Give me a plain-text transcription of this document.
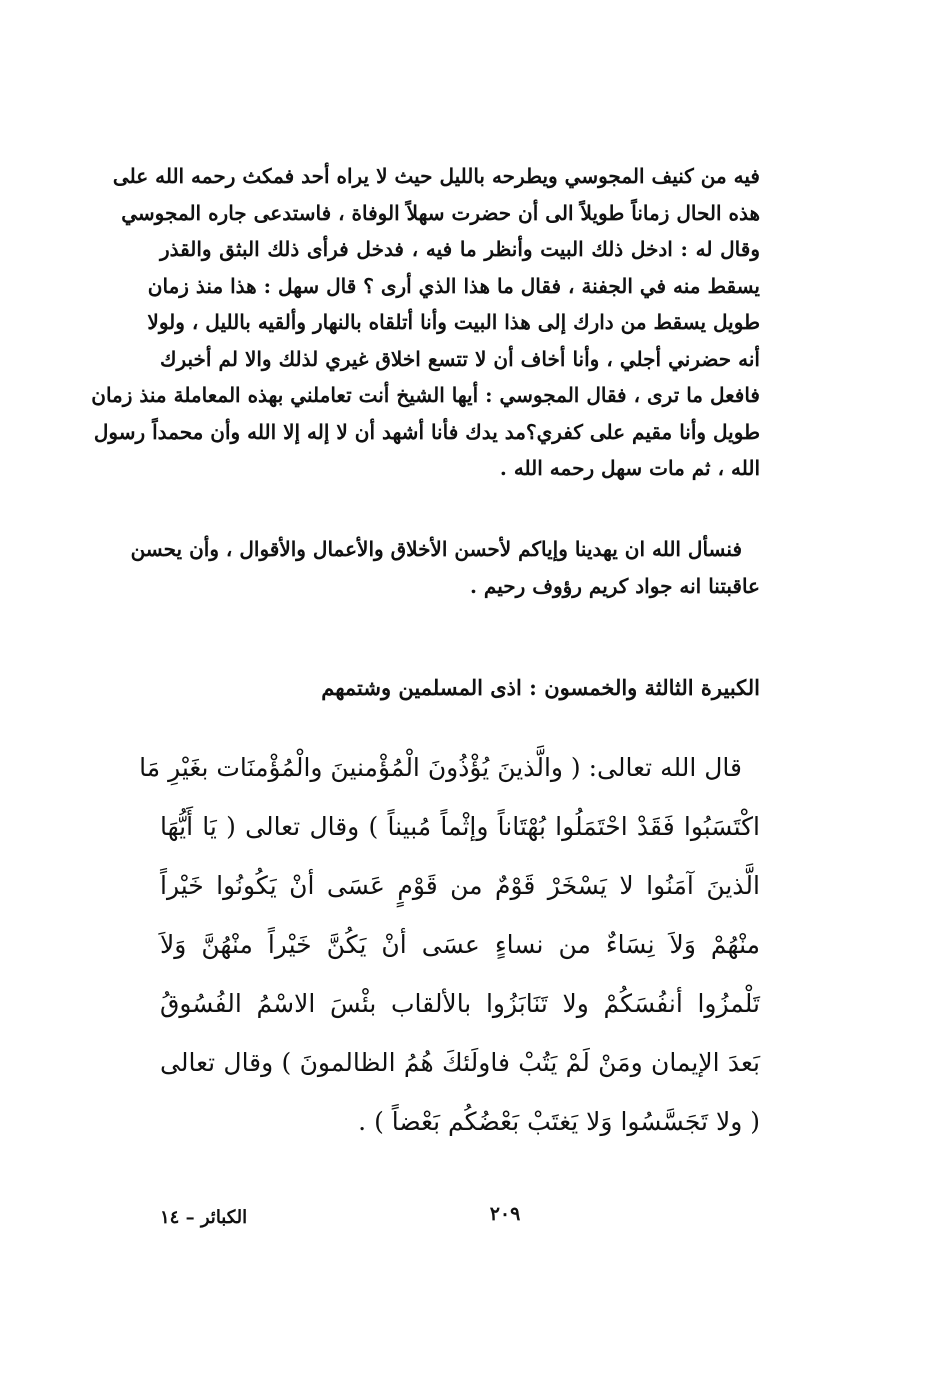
فيه من كنيف المجوسي ويطرحه بالليل حيث لا يراه أحد فمكث رحمه الله على
هذه الحال زماناً طويلاً الى أن حضرت سهلاً الوفاة ، فاستدعى جاره المجوسي
وقال له : ادخل ذلك البيت وأنظر ما فيه ، فدخل فرأى ذلك البثق والقذر
يسقط منه في الجفنة ، فقال ما هذا الذي أرى ؟ قال سهل : هذا منذ زمان
طويل يسقط من دارك إلى هذا البيت وأنا أتلقاه بالنهار وألقيه بالليل ، ولولا
أنه حضرني أجلي ، وأنا أخاف أن لا تتسع اخلاق غيري لذلك والا لم أخبرك
فافعل ما ترى ، فقال المجوسي : أيها الشيخ أنت تعاملني بهذه المعاملة منذ زمان
طويل وأنا مقيم على كفري؟مد يدك فأنا أشهد أن لا إله إلا الله وأن محمداً رسول
الله ، ثم مات سهل رحمه الله .
فنسأل الله ان يهدينا وإياكم لأحسن الأخلاق والأعمال والأقوال ، وأن يحسن
عاقبتنا انه جواد كريم رؤوف رحيم .
الكبيرة الثالثة والخمسون : اذى المسلمين وشتمهم
قال الله تعالى: ( والَّذينَ يُؤْذُونَ الْمُؤْمنينَ والْمُؤْمنَات بغَيْرِ مَا
اكْتَسَبُوا فَقَدْ احْتَمَلُوا بُهْتَاناً وإثْماً مُبيناً ) وقال تعالى ( يَا أَيُّهَا
الَّذينَ آمَنُوا لا يَسْخَرْ قَوْمٌ من قَوْمٍ عَسَى أنْ يَكُونُوا خَيْراً
منْهُمْ وَلاَ نِسَاءٌ من نساءٍ عسَى أنْ يَكُنَّ خَيْراً منْهُنَّ وَلاَ
تَلْمزُوا أنفُسَكُمْ ولا تَنَابَزُوا بالألقاب بئْسَ الاسْمُ الفُسُوقُ
بَعدَ الإيمان ومَنْ لَمْ يَتُبْ فاولَئكَ هُمُ الظالمونَ ) وقال تعالى
( ولا تَجَسَّسُوا وَلا يَغتَبْ بَعْضُكُم بَعْضاً ) .
٢٠٩
الكبائر – ١٤
